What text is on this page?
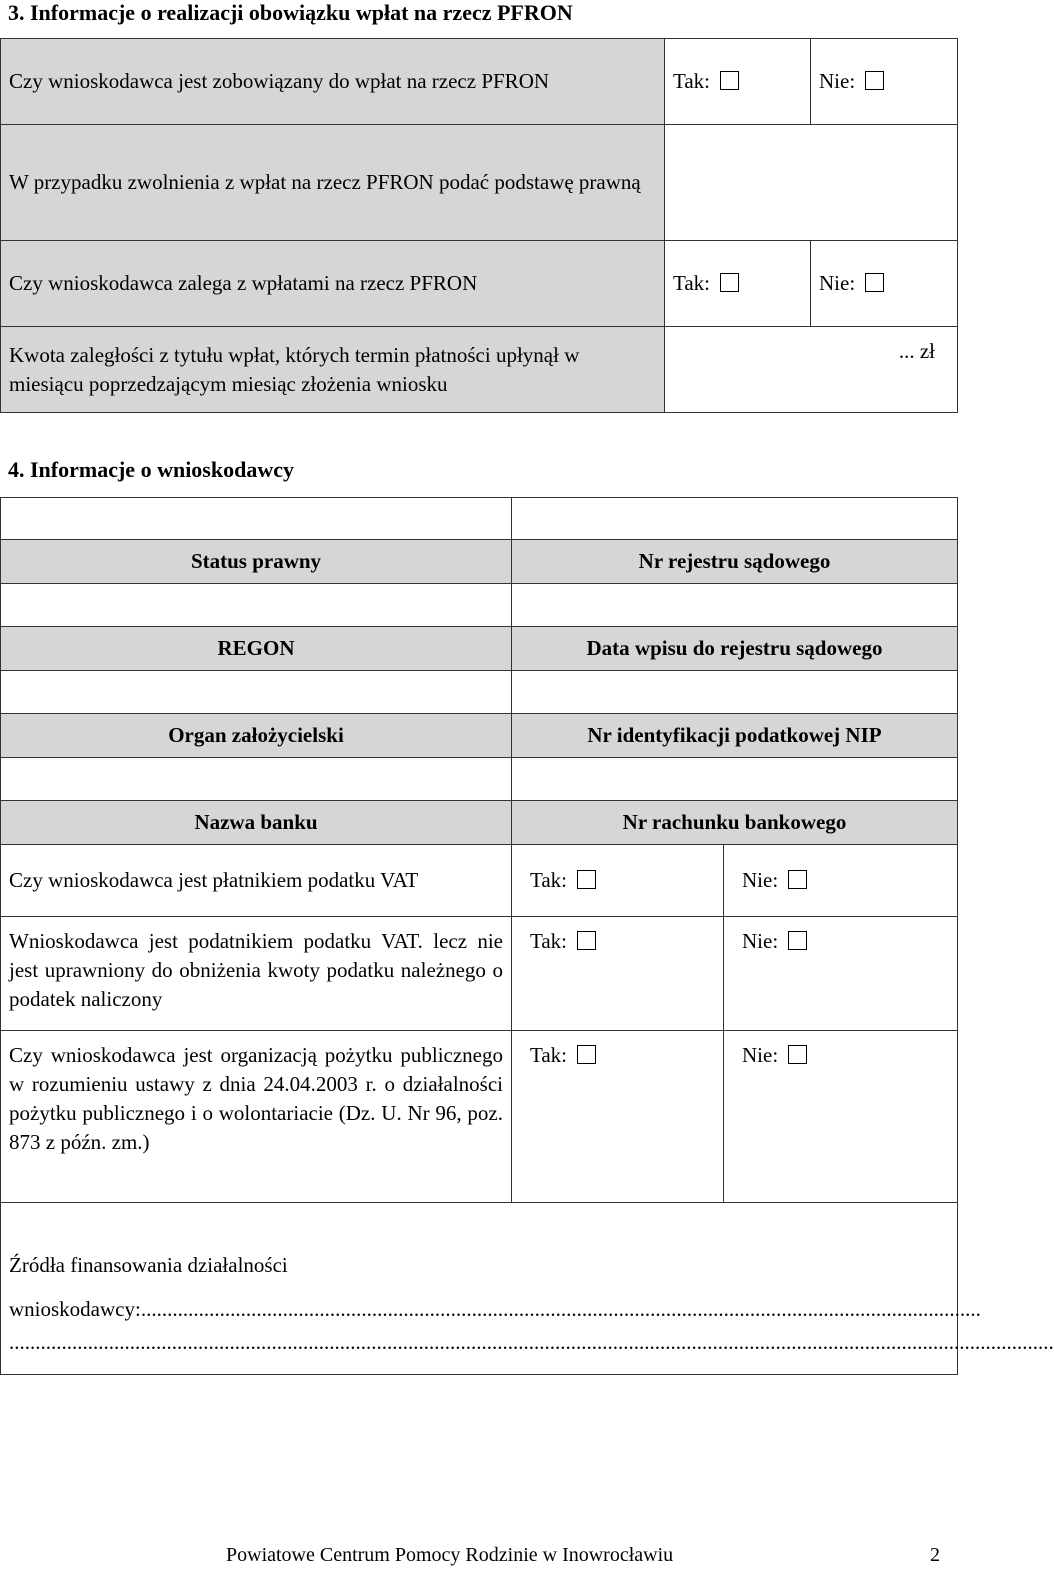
3. Informacje o realizacji obowiązku wpłat na rzecz PFRON
Czy wnioskodawca jest zobowiązany do wpłat na rzecz PFRON	Tak:	Nie:
W przypadku zwolnienia z wpłat na rzecz PFRON podać podstawę prawną		
Czy wnioskodawca zalega z wpłatami na rzecz PFRON	Tak:	Nie:
Kwota zaległości z tytułu wpłat, których termin płatności upłynął w miesiącu poprzedzającym miesiąc złożenia wniosku	... zł	
4. Informacje o wnioskodawcy

Status prawny	Nr rejestru sądowego	

REGON	Data wpisu do rejestru sądowego	

Organ założycielski	Nr identyfikacji podatkowej NIP	

Nazwa banku	Nr rachunku bankowego	
Czy wnioskodawca jest płatnikiem podatku VAT	Tak:	Nie:
Wnioskodawca jest podatnikiem podatku VAT. lecz nie jest uprawniony do obniżenia kwoty podatku należnego o podatek naliczony	Tak:	Nie:
Czy wnioskodawca jest organizacją pożytku publicznego w rozumieniu ustawy z dnia 24.04.2003 r. o działalności pożytku publicznego i o wolontariacie (Dz. U. Nr 96, poz. 873 z późn. zm.)	Tak:	Nie:

Źródła finansowania działalności
wnioskodawcy:................................................................................................................................................................
.......................................................................................................................................................................................................		
Powiatowe Centrum Pomocy Rodzinie w Inowrocławiu	2
